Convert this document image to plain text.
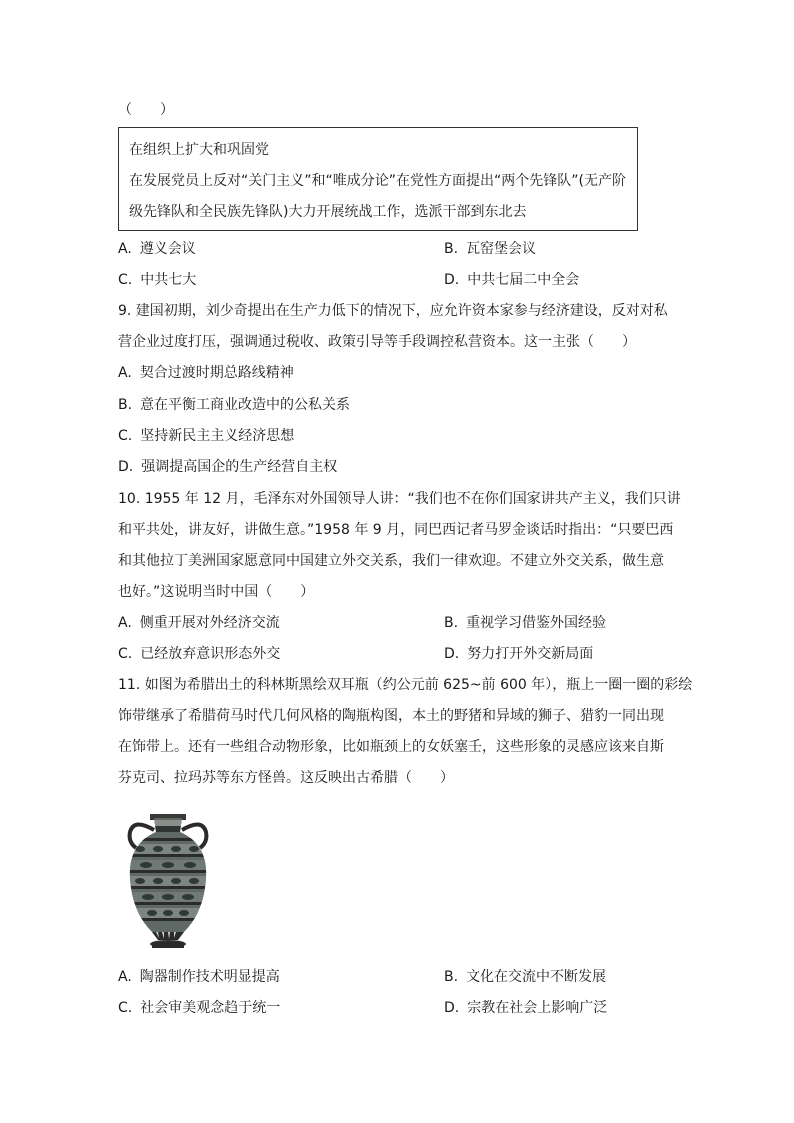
（　　）
在组织上扩大和巩固党
在发展党员上反对“关门主义”和“唯成分论”在党性方面提出“两个先锋队”(无产阶
级先锋队和全民族先锋队)大力开展统战工作，选派干部到东北去
A. 遵义会议	B. 瓦窑堡会议
C. 中共七大	D. 中共七届二中全会
9. 建国初期，刘少奇提出在生产力低下的情况下，应允许资本家参与经济建设，反对对私
营企业过度打压，强调通过税收、政策引导等手段调控私营资本。这一主张（　　）
A. 契合过渡时期总路线精神
B. 意在平衡工商业改造中的公私关系
C. 坚持新民主主义经济思想
D. 强调提高国企的生产经营自主权
10. 1955 年 12 月，毛泽东对外国领导人讲：“我们也不在你们国家讲共产主义，我们只讲
和平共处，讲友好，讲做生意。”1958 年 9 月，同巴西记者马罗金谈话时指出：“只要巴西
和其他拉丁美洲国家愿意同中国建立外交关系，我们一律欢迎。不建立外交关系，做生意
也好。”这说明当时中国（　　）
A. 侧重开展对外经济交流	B. 重视学习借鉴外国经验
C. 已经放弃意识形态外交	D. 努力打开外交新局面
11. 如图为希腊出土的科林斯黑绘双耳瓶（约公元前 625~前 600 年），瓶上一圈一圈的彩绘
饰带继承了希腊荷马时代几何风格的陶瓶构图，本土的野猪和异域的狮子、猎豹一同出现
在饰带上。还有一些组合动物形象，比如瓶颈上的女妖塞壬，这些形象的灵感应该来自斯
芬克司、拉玛苏等东方怪兽。这反映出古希腊（　　）
A. 陶器制作技术明显提高	B. 文化在交流中不断发展
C. 社会审美观念趋于统一	D. 宗教在社会上影响广泛
